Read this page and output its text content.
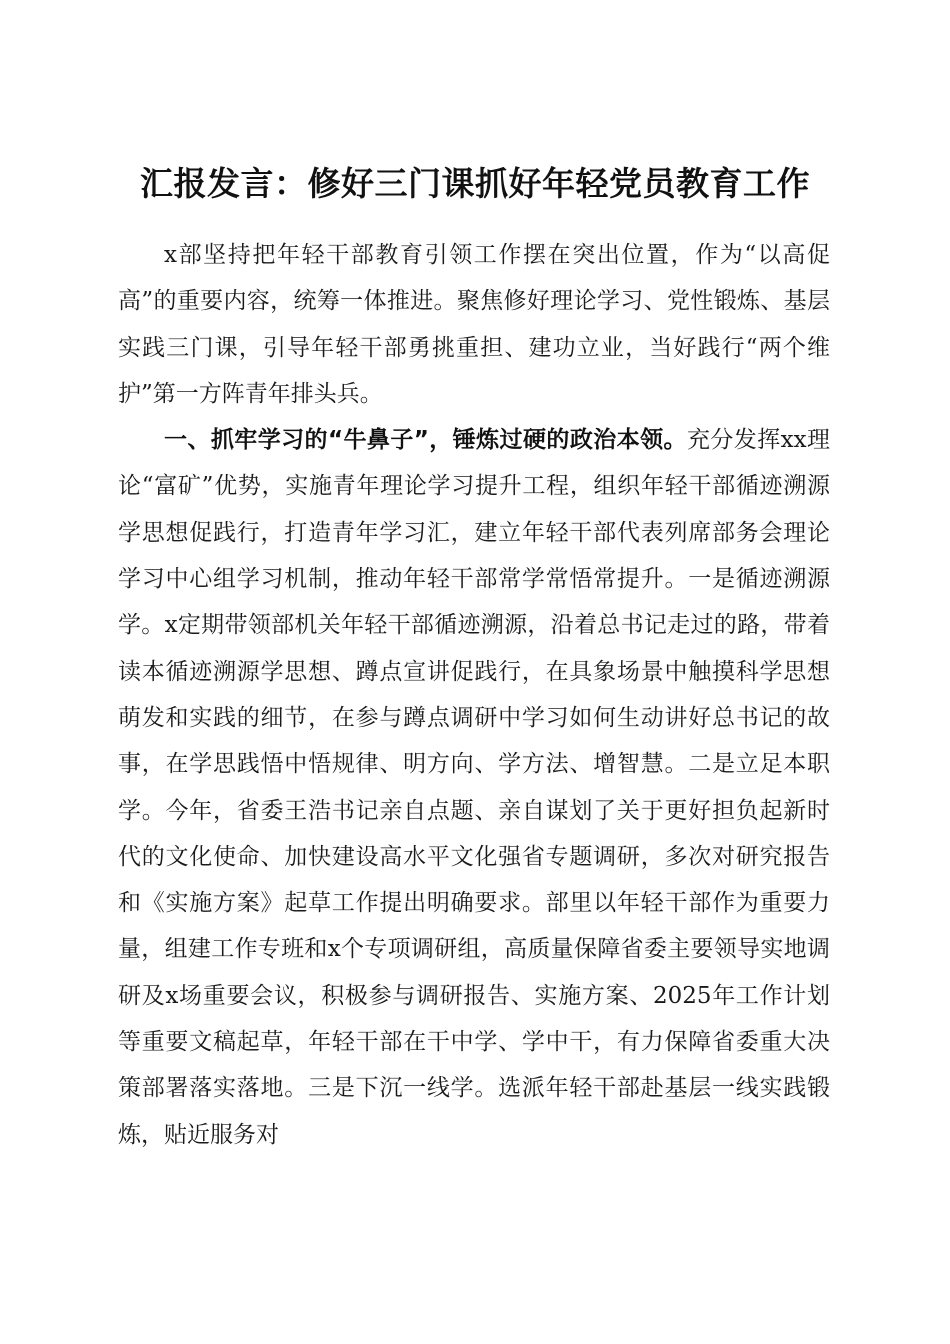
汇报发言：修好三门课抓好年轻党员教育工作

x部坚持把年轻干部教育引领工作摆在突出位置，作为“以高促高”的重要内容，统筹一体推进。聚焦修好理论学习、党性锻炼、基层实践三门课，引导年轻干部勇挑重担、建功立业，当好践行“两个维护”第一方阵青年排头兵。

一、抓牢学习的“牛鼻子”，锤炼过硬的政治本领。充分发挥xx理论“富矿”优势，实施青年理论学习提升工程，组织年轻干部循迹溯源学思想促践行，打造青年学习汇，建立年轻干部代表列席部务会理论学习中心组学习机制，推动年轻干部常学常悟常提升。一是循迹溯源学。x定期带领部机关年轻干部循迹溯源，沿着总书记走过的路，带着读本循迹溯源学思想、蹲点宣讲促践行，在具象场景中触摸科学思想萌发和实践的细节，在参与蹲点调研中学习如何生动讲好总书记的故事，在学思践悟中悟规律、明方向、学方法、增智慧。二是立足本职学。今年，省委王浩书记亲自点题、亲自谋划了关于更好担负起新时代的文化使命、加快建设高水平文化强省专题调研，多次对研究报告和《实施方案》起草工作提出明确要求。部里以年轻干部作为重要力量，组建工作专班和x个专项调研组，高质量保障省委主要领导实地调研及x场重要会议，积极参与调研报告、实施方案、2025年工作计划等重要文稿起草，年轻干部在干中学、学中干，有力保障省委重大决策部署落实落地。三是下沉一线学。选派年轻干部赴基层一线实践锻炼，贴近服务对
